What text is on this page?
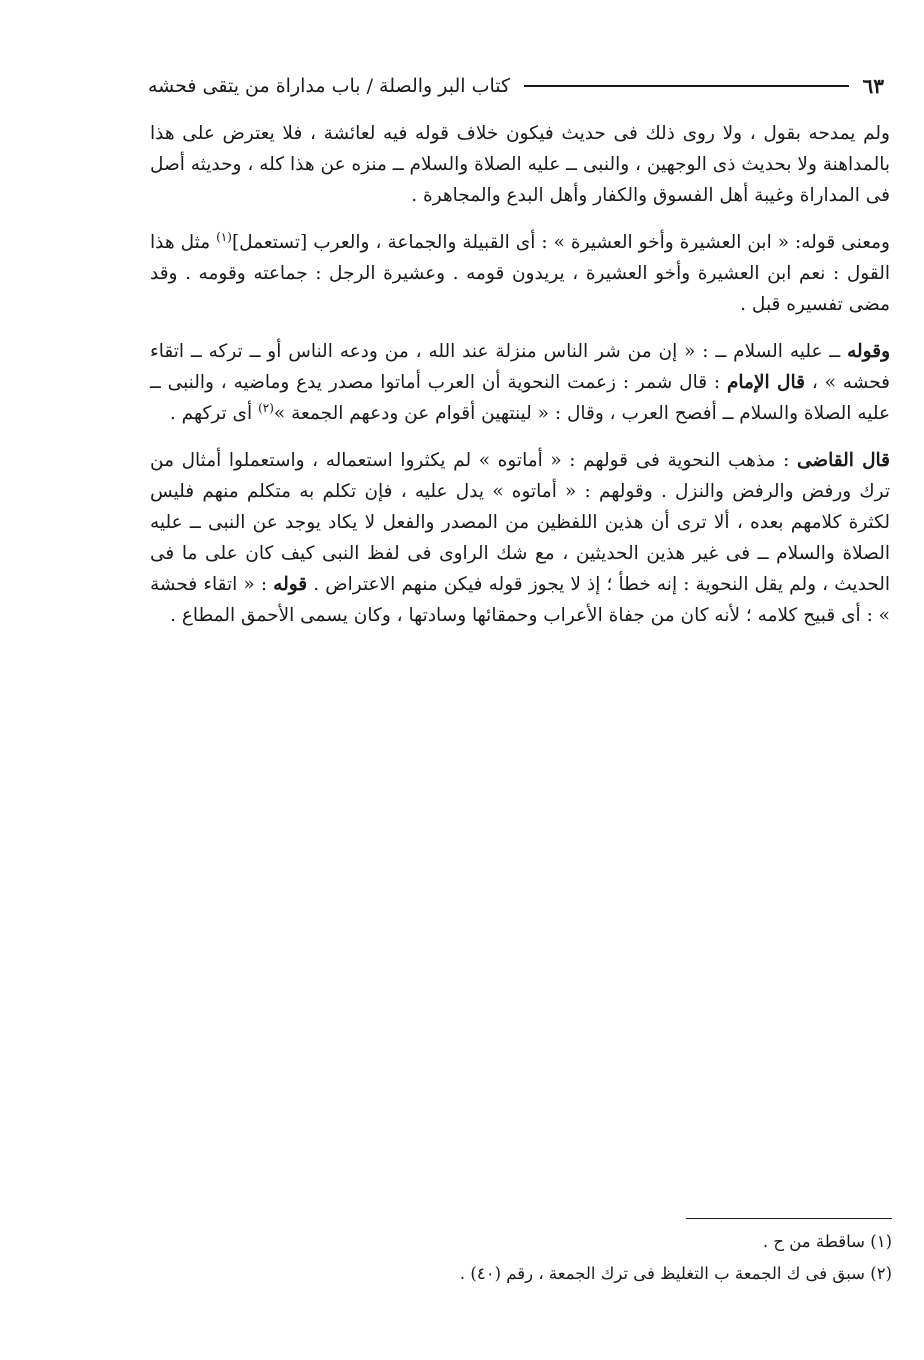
كتاب البر والصلة / باب مداراة من يتقى فحشه	٦٣

ولم يمدحه بقول ، ولا روى ذلك فى حديث فيكون خلاف قوله فيه لعائشة ، فلا يعترض على هذا بالمداهنة ولا بحديث ذى الوجهين ، والنبى ــ عليه الصلاة والسلام ــ منزه عن هذا كله ، وحديثه أصل فى المداراة وغيبة أهل الفسوق والكفار وأهل البدع والمجاهرة .

ومعنى قوله: « ابن العشيرة وأخو العشيرة » : أى القبيلة والجماعة ، والعرب [تستعمل]$^{(١)}$ مثل هذا القول : نعم ابن العشيرة وأخو العشيرة ، يريدون قومه . وعشيرة الرجل : جماعته وقومه . وقد مضى تفسيره قبل .

وقوله ــ عليه السلام ــ : « إن من شر الناس منزلة عند الله ، من ودعه الناس أو ــ تركه ــ اتقاء فحشه » ، قال الإمام : قال شمر : زعمت النحوية أن العرب أماتوا مصدر يدع وماضيه ، والنبى ــ عليه الصلاة والسلام ــ أفصح العرب ، وقال : « لينتهين أقوام عن ودعهم الجمعة »$^{(٢)}$ أى تركهم .

قال القاضى : مذهب النحوية فى قولهم : « أماتوه » لم يكثروا استعماله ، واستعملوا أمثال من ترك ورفض والرفض والنزل . وقولهم : « أماتوه » يدل عليه ، فإن تكلم به متكلم منهم فليس لكثرة كلامهم بعده ، ألا ترى أن هذين اللفظين من المصدر والفعل لا يكاد يوجد عن النبى ــ عليه الصلاة والسلام ــ فى غير هذين الحديثين ، مع شك الراوى فى لفظ النبى كيف كان على ما فى الحديث ، ولم يقل النحوية : إنه خطأ ؛ إذ لا يجوز قوله فيكن منهم الاعتراض . قوله : « اتقاء فحشة » : أى قبيح كلامه ؛ لأنه كان من جفاة الأعراب وحمقائها وسادتها ، وكان يسمى الأحمق المطاع .

(١) ساقطة من ح .
(٢) سبق فى ك الجمعة ب التغليظ فى ترك الجمعة ، رقم (٤٠) .
